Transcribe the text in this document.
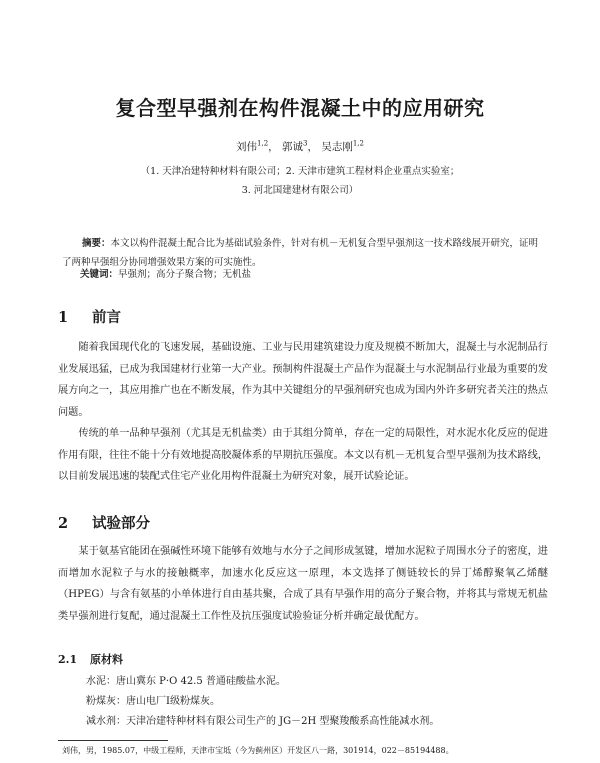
复合型早强剂在构件混凝土中的应用研究
刘伟$^{1,2}$， 郭诚$^3$， 吴志刚$^{1,2}$
（1. 天津冶建特种材料有限公司；2. 天津市建筑工程材料企业重点实验室；
3. 河北国建建材有限公司）
摘要：本文以构件混凝土配合比为基础试验条件，针对有机－无机复合型早强剂这一技术路线展开研究，证明了两种早强组分协同增强效果方案的可实施性。
关键词：早强剂；高分子聚合物；无机盐
1 前言
随着我国现代化的飞速发展，基础设施、工业与民用建筑建设力度及规模不断加大，混凝土与水泥制品行业发展迅猛，已成为我国建材行业第一大产业。预制构件混凝土产品作为混凝土与水泥制品行业最为重要的发展方向之一，其应用推广也在不断发展，作为其中关键组分的早强剂研究也成为国内外许多研究者关注的热点问题。
传统的单一品种早强剂（尤其是无机盐类）由于其组分简单，存在一定的局限性，对水泥水化反应的促进作用有限，往往不能十分有效地提高胶凝体系的早期抗压强度。本文以有机－无机复合型早强剂为技术路线，以目前发展迅速的装配式住宅产业化用构件混凝土为研究对象，展开试验论证。
2 试验部分
某于氨基官能团在强碱性环境下能够有效地与水分子之间形成氢键，增加水泥粒子周围水分子的密度，进而增加水泥粒子与水的接触概率，加速水化反应这一原理，本文选择了侧链较长的异丁烯醇聚氧乙烯醚（HPEG）与含有氨基的小单体进行自由基共聚，合成了具有早强作用的高分子聚合物，并将其与常规无机盐类早强剂进行复配，通过混凝土工作性及抗压强度试验验证分析并确定最优配方。
2.1 原材料
水泥：唐山冀东 P·O 42.5 普通硅酸盐水泥。
粉煤灰：唐山电厂Ⅰ级粉煤灰。
减水剂：天津冶建特种材料有限公司生产的 JG－2H 型聚羧酸系高性能减水剂。
刘伟，男，1985.07，中级工程师，天津市宝坻（今为蓟州区）开发区八一路，301914，022－85194488。
